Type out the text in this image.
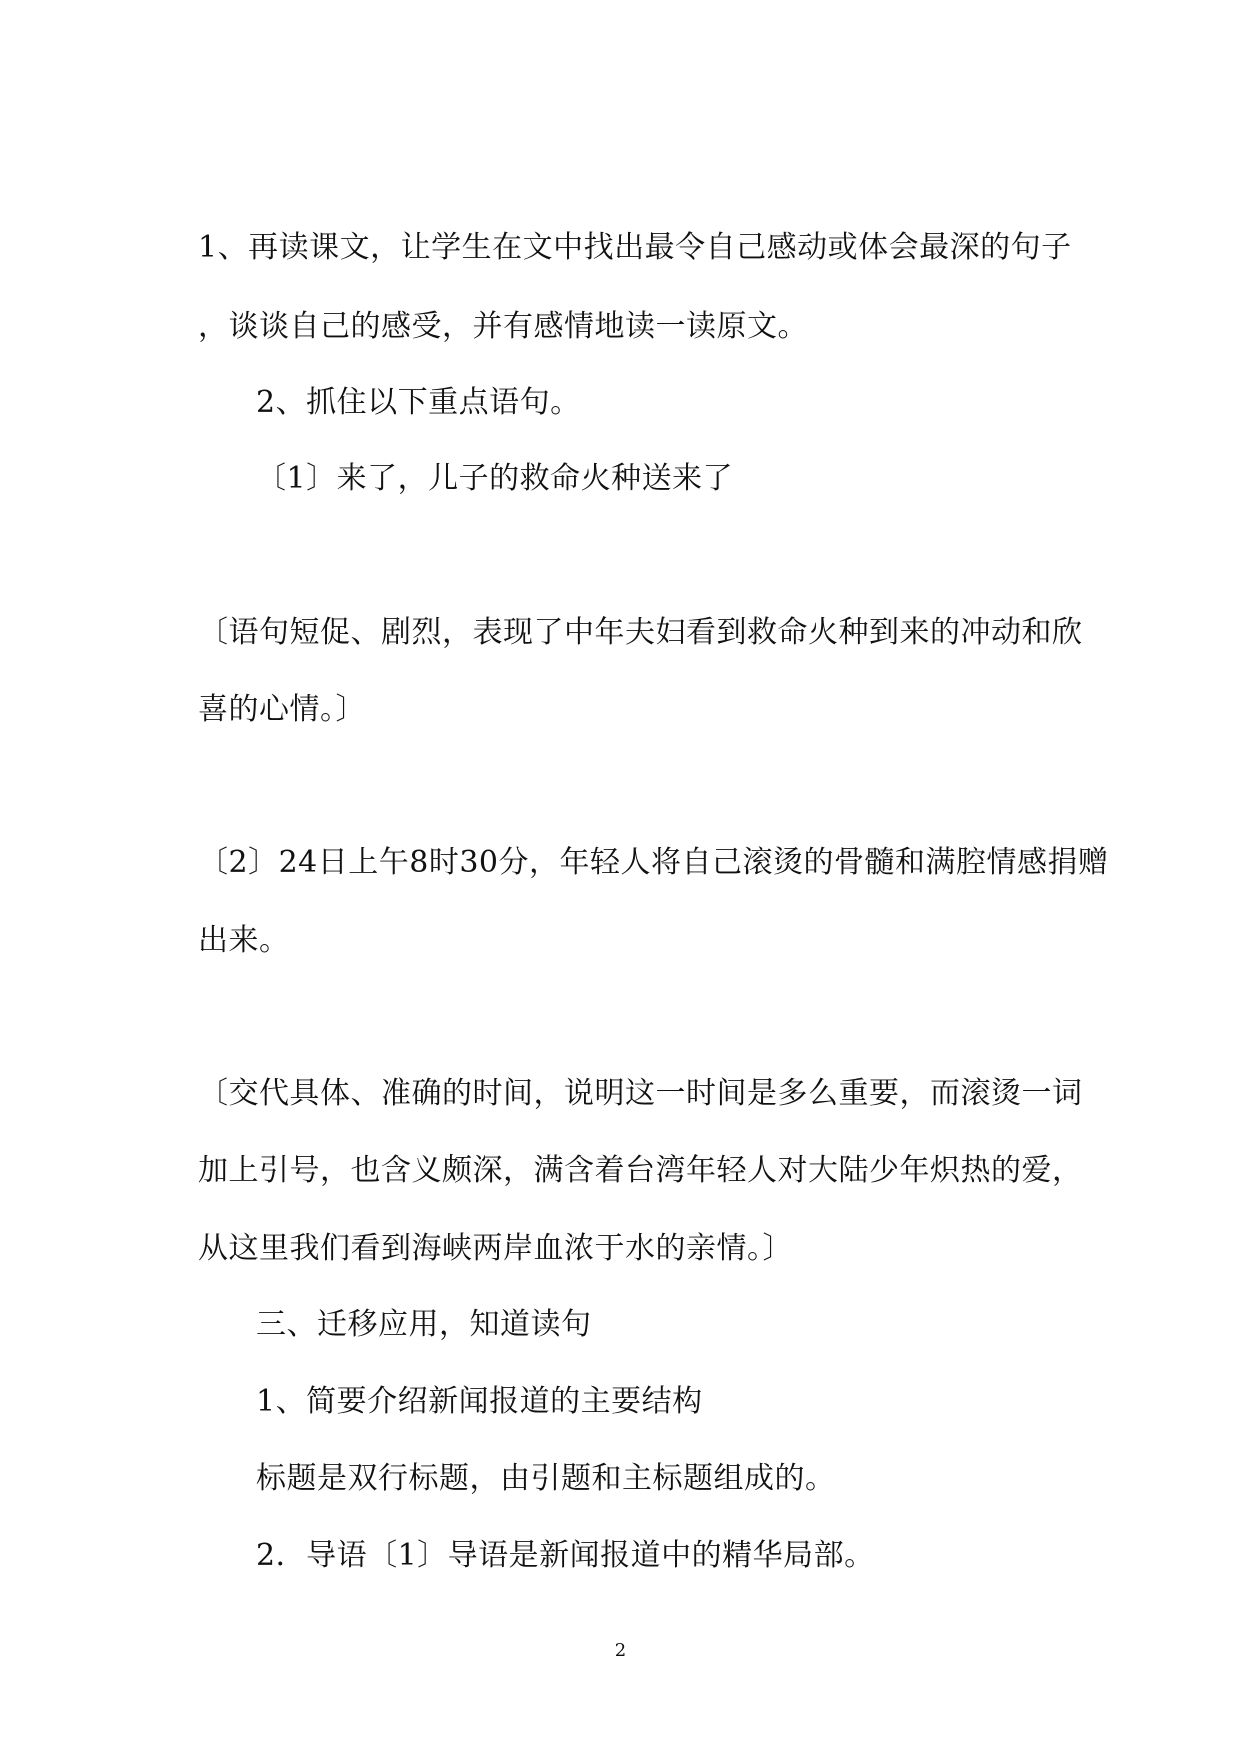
1、再读课文，让学生在文中找出最令自己感动或体会最深的句子
，谈谈自己的感受，并有感情地读一读原文。
2、抓住以下重点语句。
〔1〕来了，儿子的救命火种送来了
〔语句短促、剧烈，表现了中年夫妇看到救命火种到来的冲动和欣
喜的心情。〕
〔2〕24日上午8时30分，年轻人将自己滚烫的骨髓和满腔情感捐赠
出来。
〔交代具体、准确的时间，说明这一时间是多么重要，而滚烫一词
加上引号，也含义颇深，满含着台湾年轻人对大陆少年炽热的爱，
从这里我们看到海峡两岸血浓于水的亲情。〕
三、迁移应用，知道读句
1、简要介绍新闻报道的主要结构
标题是双行标题，由引题和主标题组成的。
2．导语〔1〕导语是新闻报道中的精华局部。
2
